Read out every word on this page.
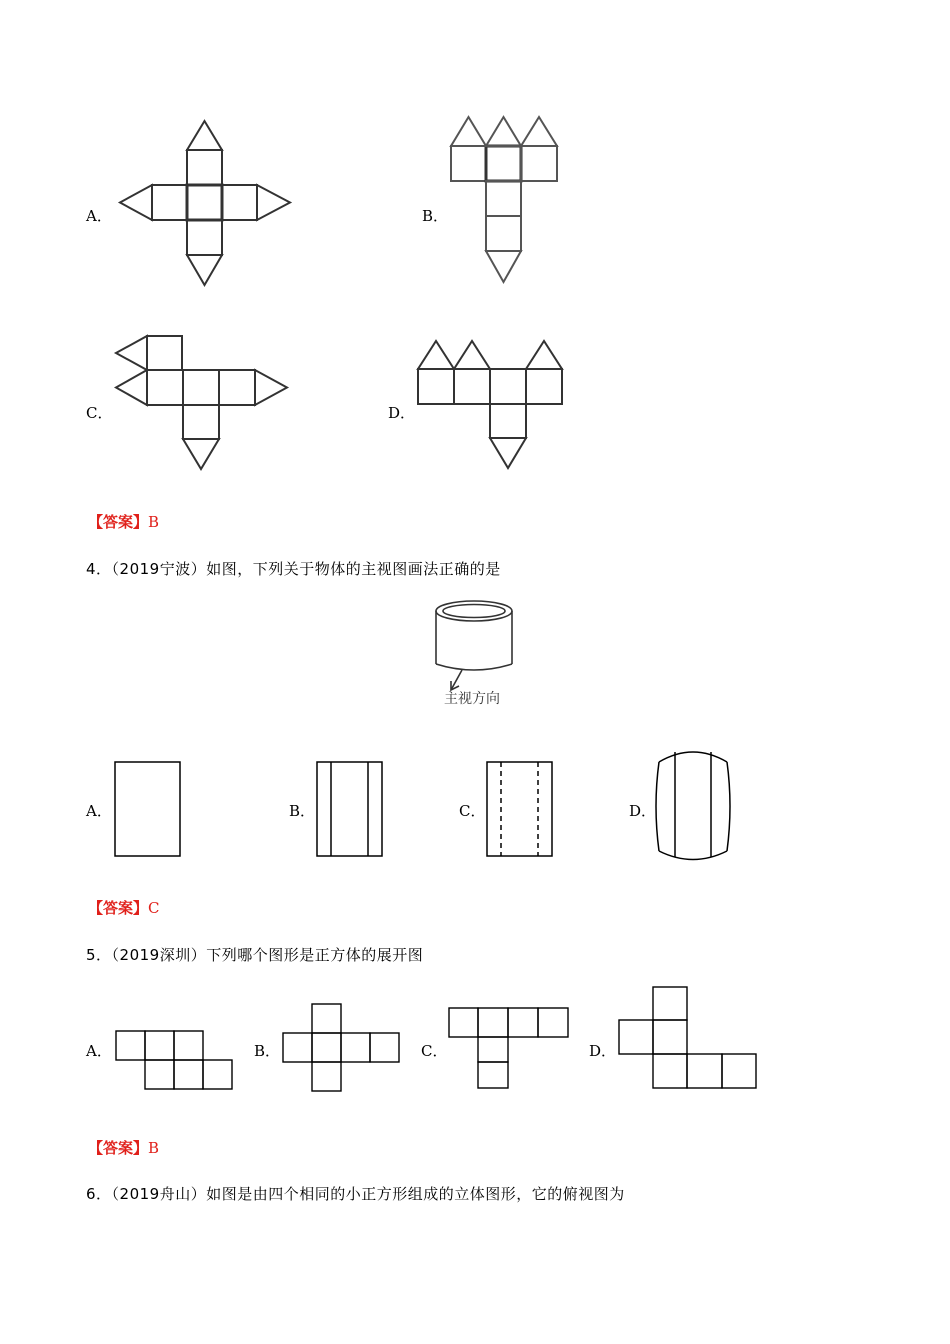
A．	B．
C．	D．
【答案】B
4．（2019宁波）如图，下列关于物体的主视图画法正确的是
主视方向
A．	B．	C．	D．
【答案】C
5．（2019深圳）下列哪个图形是正方体的展开图
A．	B．	C．	D．
【答案】B
6．（2019舟山）如图是由四个相同的小正方形组成的立体图形，它的俯视图为
